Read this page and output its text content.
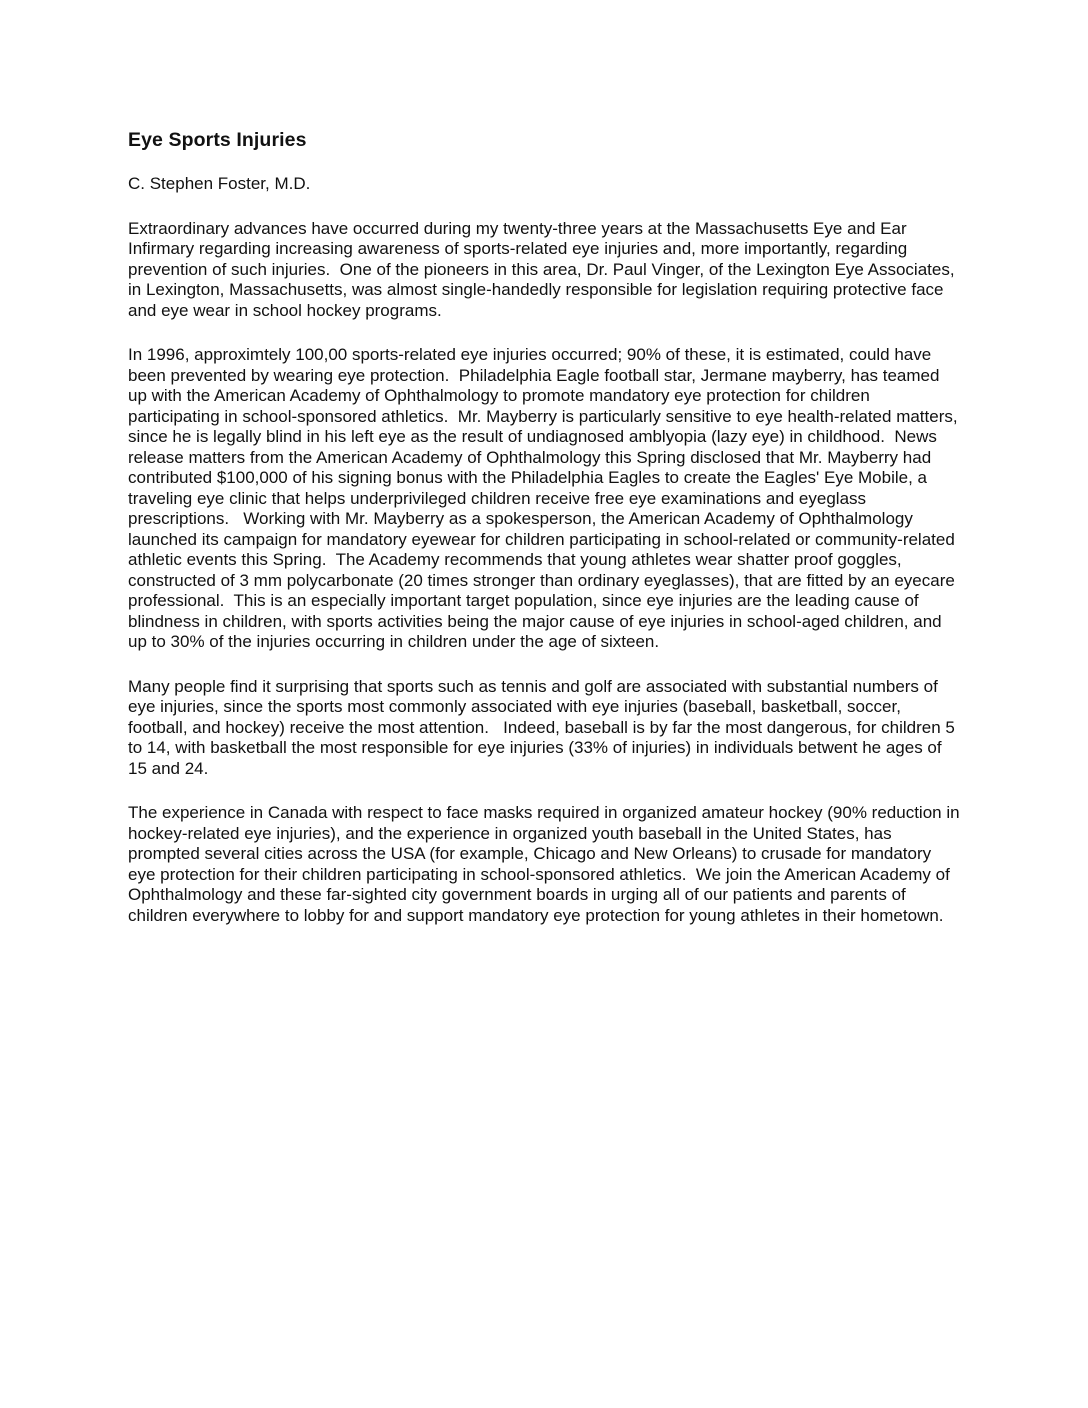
Eye Sports Injuries

C. Stephen Foster, M.D.

Extraordinary advances have occurred during my twenty-three years at the Massachusetts Eye and Ear Infirmary regarding increasing awareness of sports-related eye injuries and, more importantly, regarding prevention of such injuries.  One of the pioneers in this area, Dr. Paul Vinger, of the Lexington Eye Associates, in Lexington, Massachusetts, was almost single-handedly responsible for legislation requiring protective face and eye wear in school hockey programs.

In 1996, approximtely 100,00 sports-related eye injuries occurred; 90% of these, it is estimated, could have been prevented by wearing eye protection.  Philadelphia Eagle football star, Jermane mayberry, has teamed up with the American Academy of Ophthalmology to promote mandatory eye protection for children participating in school-sponsored athletics.  Mr. Mayberry is particularly sensitive to eye health-related matters, since he is legally blind in his left eye as the result of undiagnosed amblyopia (lazy eye) in childhood.  News release matters from the American Academy of Ophthalmology this Spring disclosed that Mr. Mayberry had contributed $100,000 of his signing bonus with the Philadelphia Eagles to create the Eagles' Eye Mobile, a traveling eye clinic that helps underprivileged children receive free eye examinations and eyeglass prescriptions.   Working with Mr. Mayberry as a spokesperson, the American Academy of Ophthalmology launched its campaign for mandatory eyewear for children participating in school-related or community-related athletic events this Spring.  The Academy recommends that young athletes wear shatter proof goggles, constructed of 3 mm polycarbonate (20 times stronger than ordinary eyeglasses), that are fitted by an eyecare professional.  This is an especially important target population, since eye injuries are the leading cause of blindness in children, with sports activities being the major cause of eye injuries in school-aged children, and up to 30% of the injuries occurring in children under the age of sixteen.

Many people find it surprising that sports such as tennis and golf are associated with substantial numbers of eye injuries, since the sports most commonly associated with eye injuries (baseball, basketball, soccer, football, and hockey) receive the most attention.   Indeed, baseball is by far the most dangerous, for children 5 to 14, with basketball the most responsible for eye injuries (33% of injuries) in individuals betwent he ages of 15 and 24.

The experience in Canada with respect to face masks required in organized amateur hockey (90% reduction in hockey-related eye injuries), and the experience in organized youth baseball in the United States, has prompted several cities across the USA (for example, Chicago and New Orleans) to crusade for mandatory eye protection for their children participating in school-sponsored athletics.  We join the American Academy of Ophthalmology and these far-sighted city government boards in urging all of our patients and parents of children everywhere to lobby for and support mandatory eye protection for young athletes in their hometown.
